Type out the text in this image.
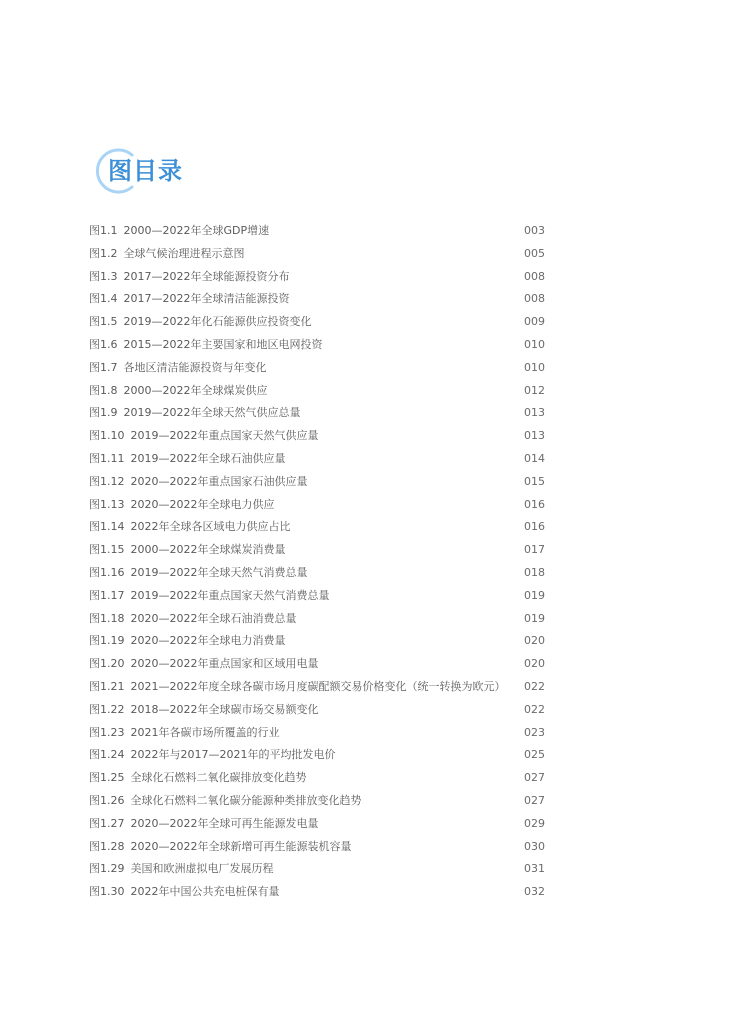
图目录
图1.1 2000—2022年全球GDP增速	003
图1.2 全球气候治理进程示意图	005
图1.3 2017—2022年全球能源投资分布	008
图1.4 2017—2022年全球清洁能源投资	008
图1.5 2019—2022年化石能源供应投资变化	009
图1.6 2015—2022年主要国家和地区电网投资	010
图1.7 各地区清洁能源投资与年变化	010
图1.8 2000—2022年全球煤炭供应	012
图1.9 2019—2022年全球天然气供应总量	013
图1.10 2019—2022年重点国家天然气供应量	013
图1.11 2019—2022年全球石油供应量	014
图1.12 2020—2022年重点国家石油供应量	015
图1.13 2020—2022年全球电力供应	016
图1.14 2022年全球各区域电力供应占比	016
图1.15 2000—2022年全球煤炭消费量	017
图1.16 2019—2022年全球天然气消费总量	018
图1.17 2019—2022年重点国家天然气消费总量	019
图1.18 2020—2022年全球石油消费总量	019
图1.19 2020—2022年全球电力消费量	020
图1.20 2020—2022年重点国家和区域用电量	020
图1.21 2021—2022年度全球各碳市场月度碳配额交易价格变化（统一转换为欧元）	022
图1.22 2018—2022年全球碳市场交易额变化	022
图1.23 2021年各碳市场所覆盖的行业	023
图1.24 2022年与2017—2021年的平均批发电价	025
图1.25 全球化石燃料二氧化碳排放变化趋势	027
图1.26 全球化石燃料二氧化碳分能源种类排放变化趋势	027
图1.27 2020—2022年全球可再生能源发电量	029
图1.28 2020—2022年全球新增可再生能源装机容量	030
图1.29 美国和欧洲虚拟电厂发展历程	031
图1.30 2022年中国公共充电桩保有量	032
